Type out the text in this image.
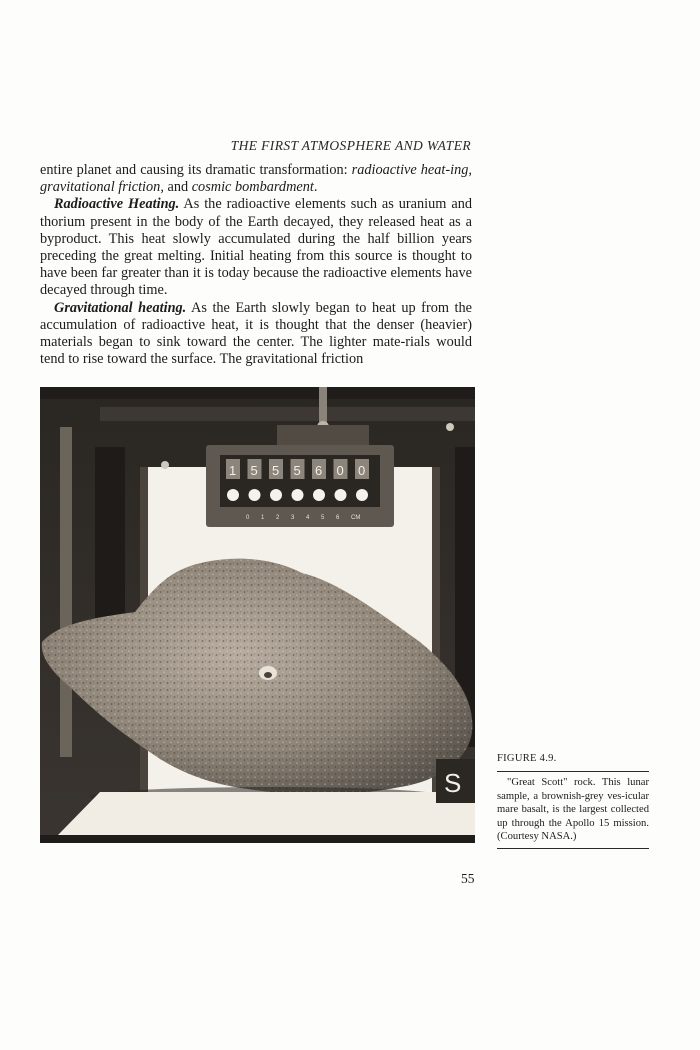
THE FIRST ATMOSPHERE AND WATER

entire planet and causing its dramatic transformation: radioactive heat-ing, gravitational friction, and cosmic bombardment.

Radioactive Heating. As the radioactive elements such as uranium and thorium present in the body of the Earth decayed, they released heat as a byproduct. This heat slowly accumulated during the half billion years preceding the great melting. Initial heating from this source is thought to have been far greater than it is today because the radioactive elements have decayed through time.

Gravitational heating. As the Earth slowly began to heat up from the accumulation of radioactive heat, it is thought that the denser (heavier) materials began to sink toward the center. The lighter mate-rials would tend to rise toward the surface. The gravitational friction

1 5 5 5 6 0 0
0 1 2 3 4 5 6 CM
S
FIGURE 4.9.
"Great Scott" rock. This lunar sample, a brownish-grey ves-icular mare basalt, is the largest collected up through the Apollo 15 mission. (Courtesy NASA.)
55
